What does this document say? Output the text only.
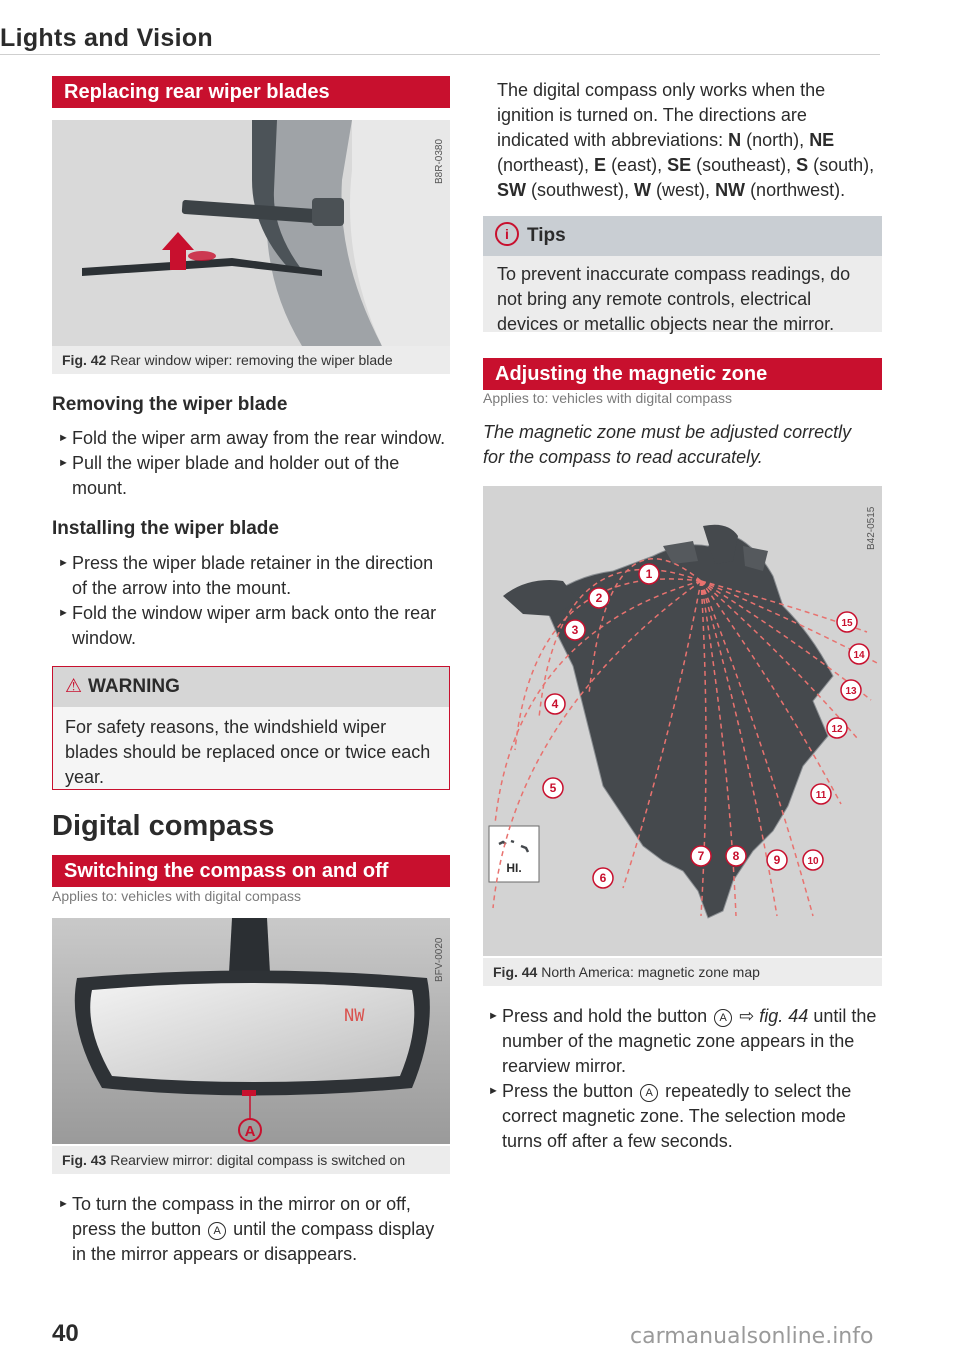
Lights and Vision
Replacing rear wiper blades
B8R-0380
Fig. 42 Rear window wiper: removing the wiper blade
Removing the wiper blade
► Fold the wiper arm away from the rear window.
► Pull the wiper blade and holder out of the mount.
Installing the wiper blade
► Press the wiper blade retainer in the direction of the arrow into the mount.
► Fold the window wiper arm back onto the rear window.
⚠ WARNING
For safety reasons, the windshield wiper blades should be replaced once or twice each year.
Digital compass
Switching the compass on and off
Applies to: vehicles with digital compass
NW
A
BFV-0020
Fig. 43 Rearview mirror: digital compass is switched on
► To turn the compass in the mirror on or off, press the button A until the compass display in the mirror appears or disappears.
40
The digital compass only works when the ignition is turned on. The directions are indicated with abbreviations: N (north), NE (northeast), E (east), SE (southeast), S (south), SW (southwest), W (west), NW (northwest).
i Tips
To prevent inaccurate compass readings, do not bring any remote controls, electrical devices or metallic objects near the mirror.
Adjusting the magnetic zone
Applies to: vehicles with digital compass
The magnetic zone must be adjusted correctly for the compass to read accurately.
HI.
1
2
3
4
5
6
7 8	9	10
11
12
13
14
15
B42-0515
Fig. 44 North America: magnetic zone map
► Press and hold the button A ⇨ fig. 44 until the number of the magnetic zone appears in the rearview mirror.
► Press the button A repeatedly to select the correct magnetic zone. The selection mode turns off after a few seconds.
carmanualsonline.info
